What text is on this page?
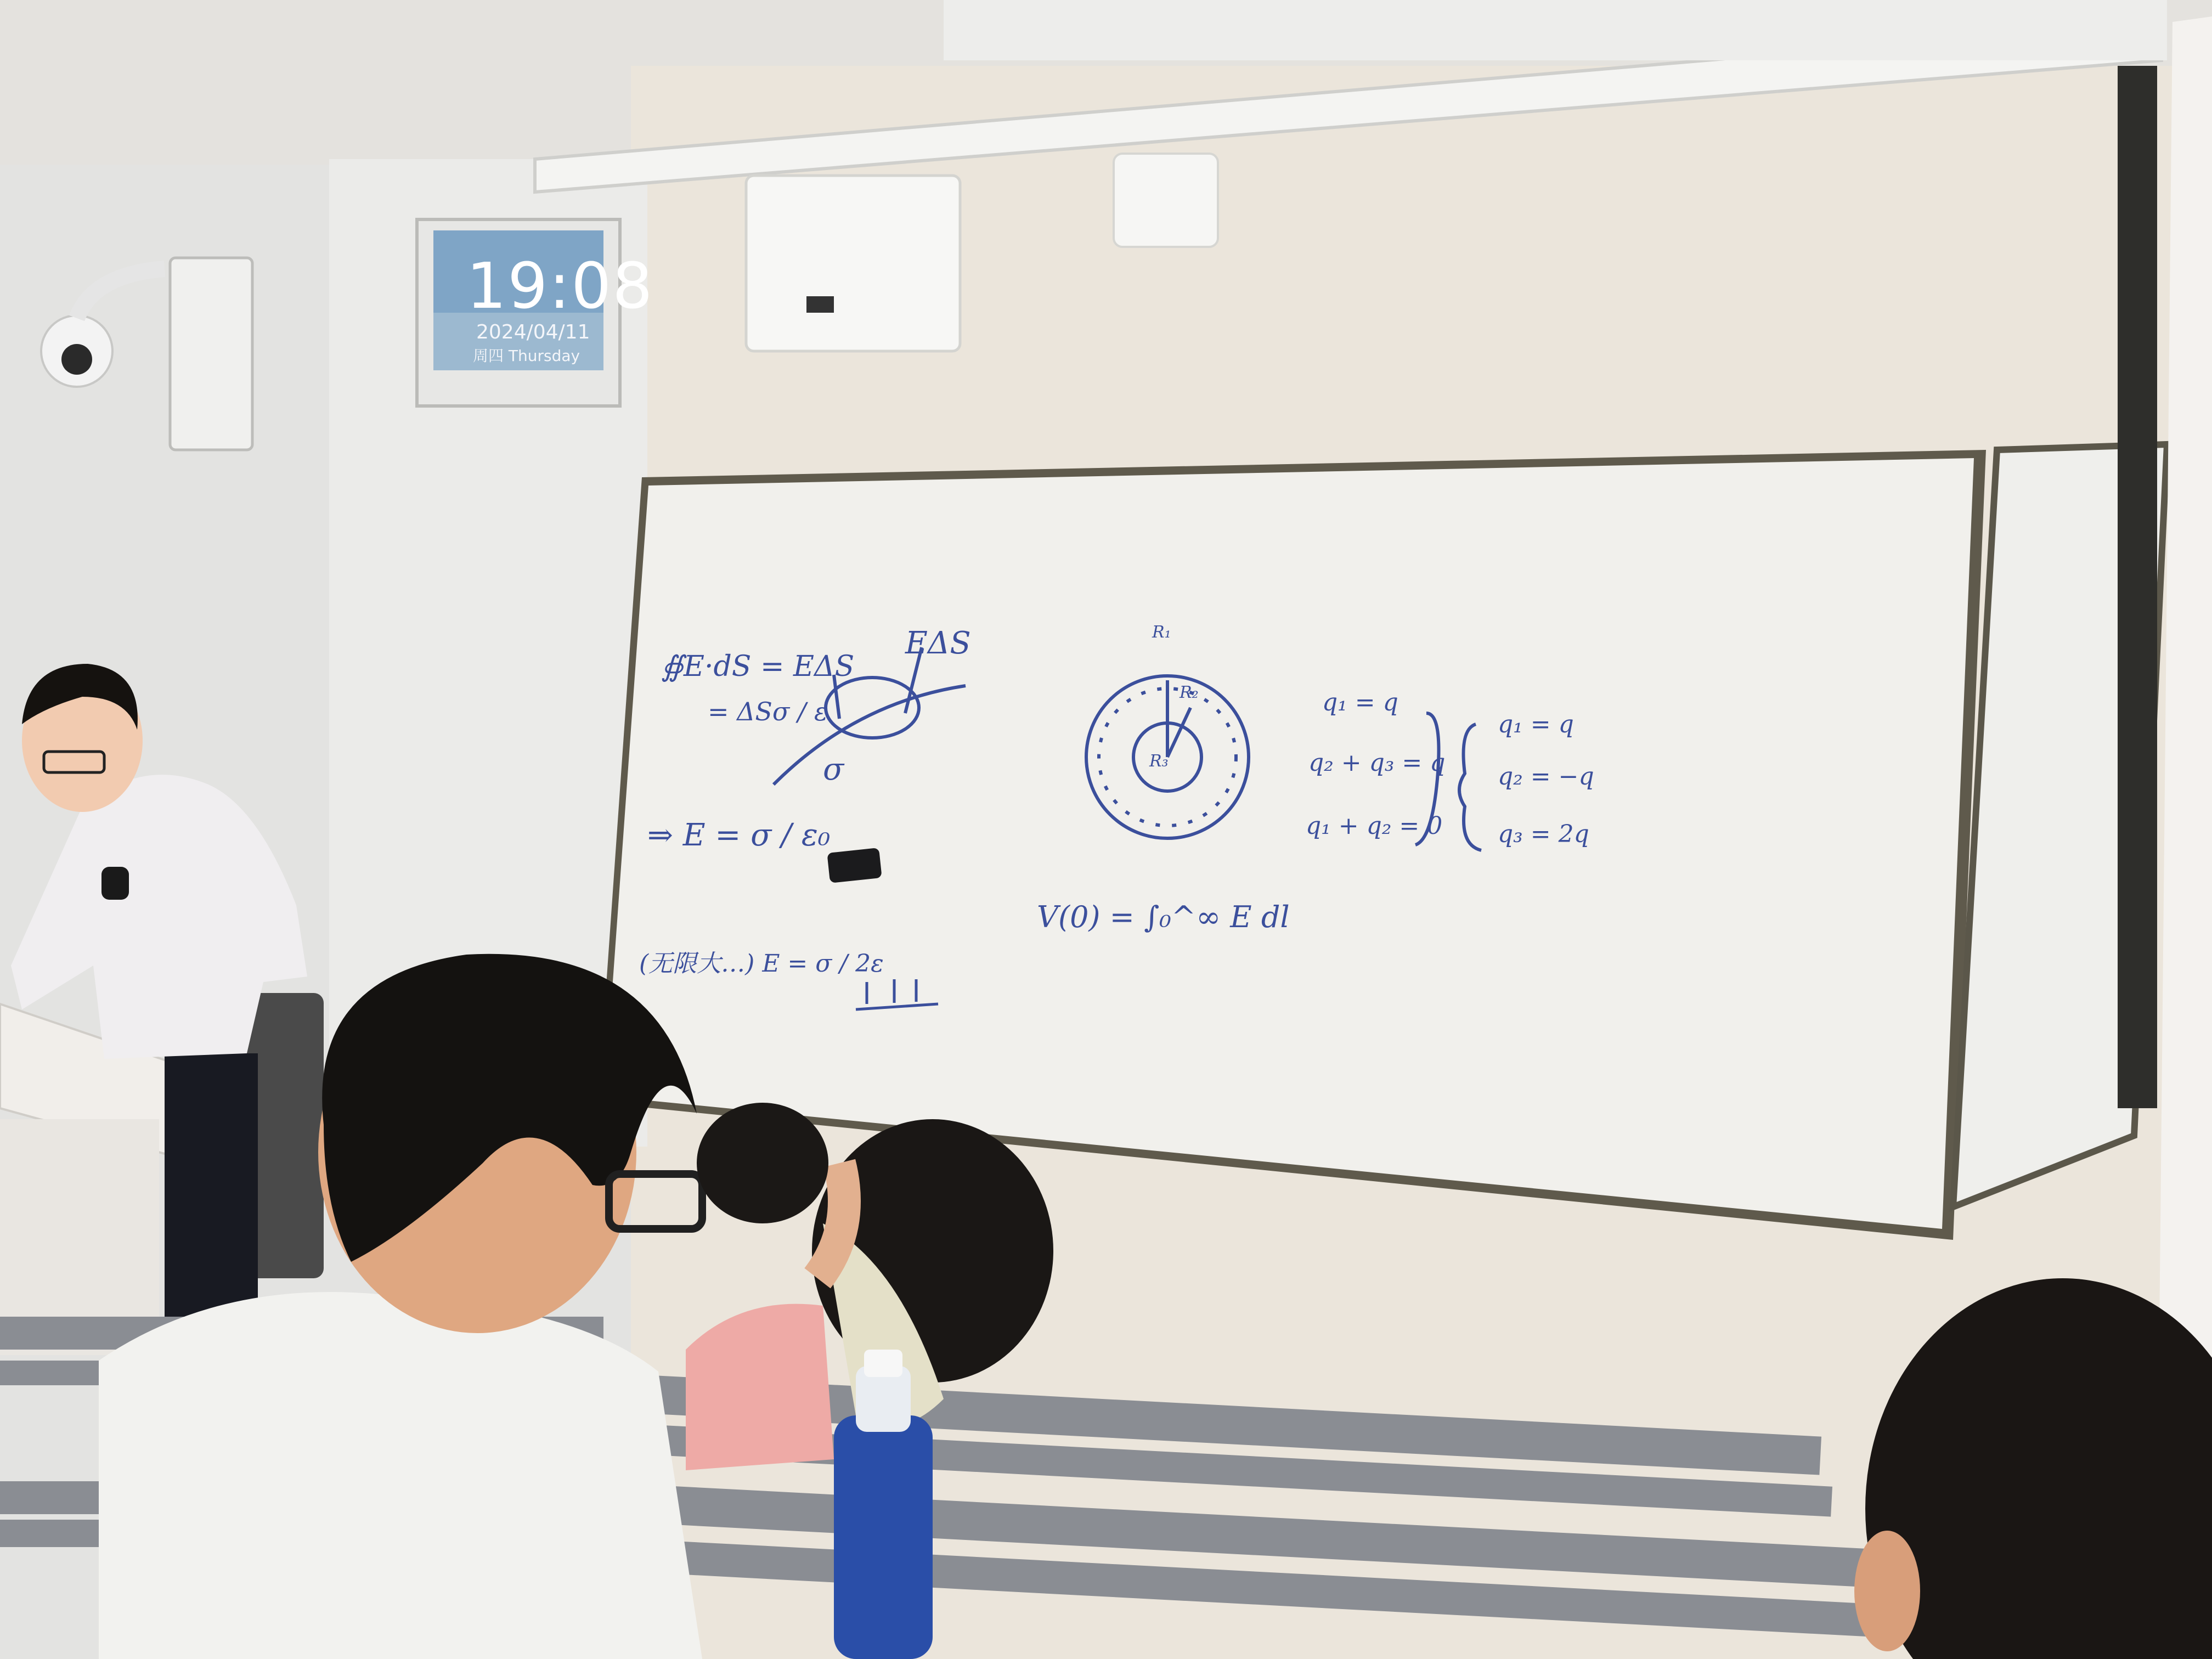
19:08
2024/04/11
周四 Thursday
∯E·dS = EΔS
= ΔSσ / ε
⇒ E = σ / ε₀
(无限大…) E = σ / 2ε
EΔS
σ
R₁
R₂
R₃
V(0) = ∫₀^∞ E dl
q₁ = q
q₂ + q₃ = q
q₁ + q₂ = 0
q₁ = q
q₂ = −q
q₃ = 2q
